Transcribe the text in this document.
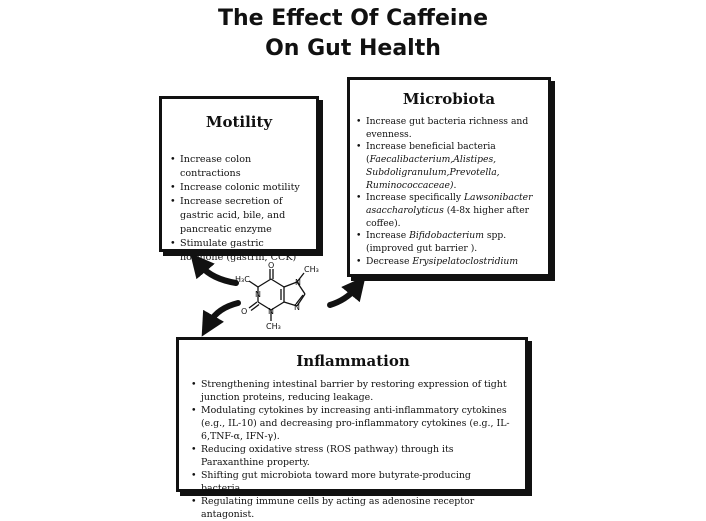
The Effect Of Caffeine
On Gut Health
Motility
• Increase colon contractions
• Increase colonic motility
• Increase secretion of gastric acid, bile, and pancreatic enzyme
• Stimulate gastric hormone (gastrin, CCK)
Microbiota
• Increase gut bacteria richness and evenness.
• Increase beneficial bacteria (Faecalibacterium,Alistipes, Subdoligranulum,Prevotella, Ruminococcaceae).
• Increase specifically Lawsonibacter asaccharolyticus (4-8x higher after coffee).
• Increase Bifidobacterium spp. (improved gut barrier ).
• Decrease Erysipelatoclostridium
H₃C
CH₃
CH₃
N
N
N
N
O
O
Inflammation
• Strengthening intestinal barrier by restoring expression of tight junction proteins, reducing leakage.
• Modulating cytokines by increasing anti-inflammatory cytokines (e.g., IL-10) and decreasing pro-inflammatory cytokines (e.g., IL-6,TNF-α, IFN-γ).
• Reducing oxidative stress (ROS pathway) through its Paraxanthine property.
• Shifting gut microbiota toward more butyrate-producing bacteria.
• Regulating immune cells by acting as adenosine receptor antagonist.
